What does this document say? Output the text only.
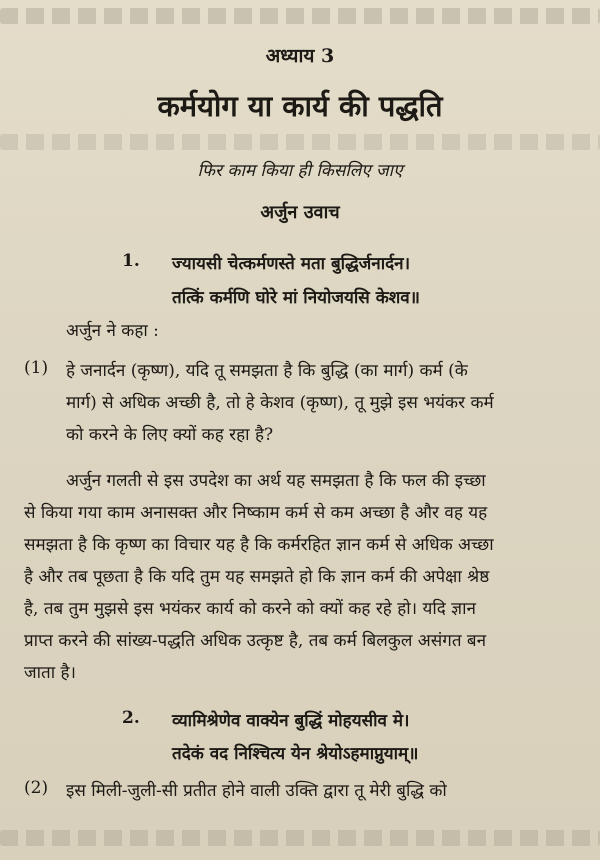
अध्याय 3
कर्मयोग या कार्य की पद्धति
फिर काम किया ही किसलिए जाए
अर्जुन उवाच
1. ज्यायसी चेत्कर्मणस्ते मता बुद्धिर्जनार्दन।
तत्किं कर्मणि घोरे मां नियोजयसि केशव॥
अर्जुन ने कहा :
(1) हे जनार्दन (कृष्ण), यदि तू समझता है कि बुद्धि (का मार्ग) कर्म (के
मार्ग) से अधिक अच्छी है, तो हे केशव (कृष्ण), तू मुझे इस भयंकर कर्म
को करने के लिए क्यों कह रहा है?
अर्जुन गलती से इस उपदेश का अर्थ यह समझता है कि फल की इच्छा
से किया गया काम अनासक्त और निष्काम कर्म से कम अच्छा है और वह यह
समझता है कि कृष्ण का विचार यह है कि कर्मरहित ज्ञान कर्म से अधिक अच्छा
है और तब पूछता है कि यदि तुम यह समझते हो कि ज्ञान कर्म की अपेक्षा श्रेष्ठ
है, तब तुम मुझसे इस भयंकर कार्य को करने को क्यों कह रहे हो। यदि ज्ञान
प्राप्त करने की सांख्य-पद्धति अधिक उत्कृष्ट है, तब कर्म बिलकुल असंगत बन
जाता है।
2. व्यामिश्रेणेव वाक्येन बुद्धिं मोहयसीव मे।
तदेकं वद निश्चित्य येन श्रेयोऽहमाप्नुयाम्॥
(2) इस मिली-जुली-सी प्रतीत होने वाली उक्ति द्वारा तू मेरी बुद्धि को
